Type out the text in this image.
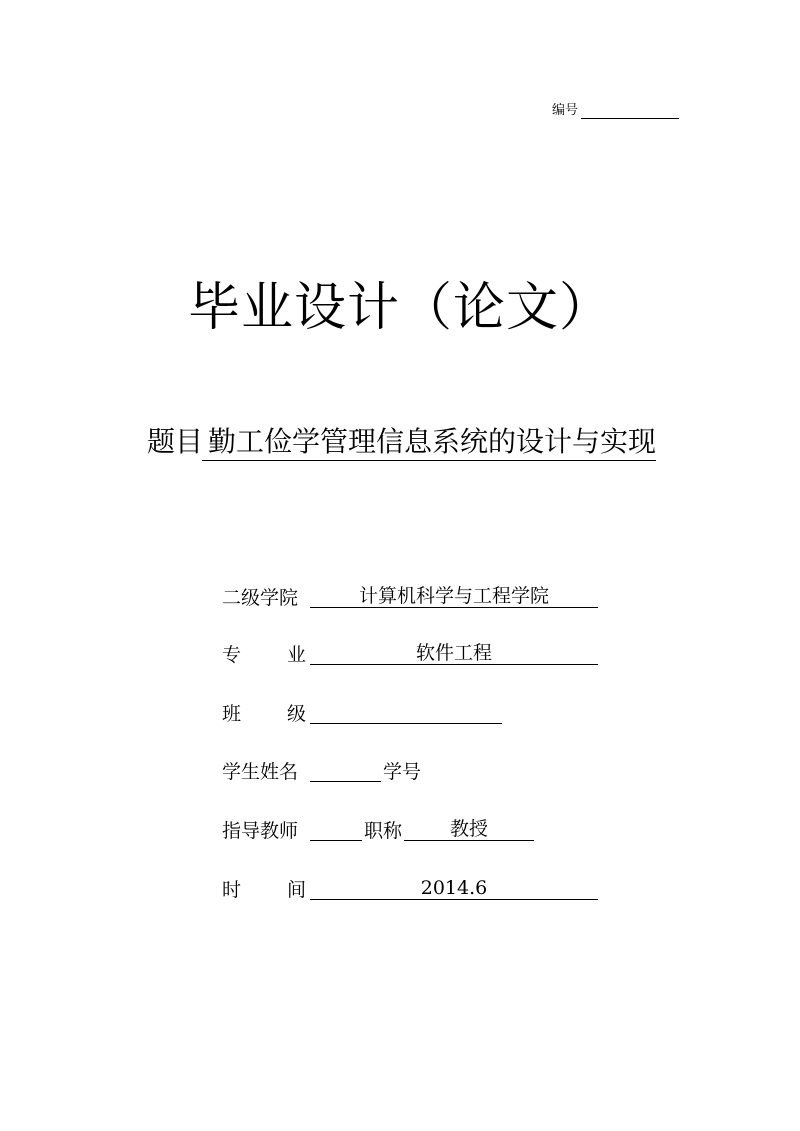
编号
毕业设计（论文）
题目 勤工俭学管理信息系统的设计与实现
二级学院	计算机科学与工程学院
专 业	软件工程
班 级
学生姓名	学号
指导教师	职称	教授
时 间	2014.6
